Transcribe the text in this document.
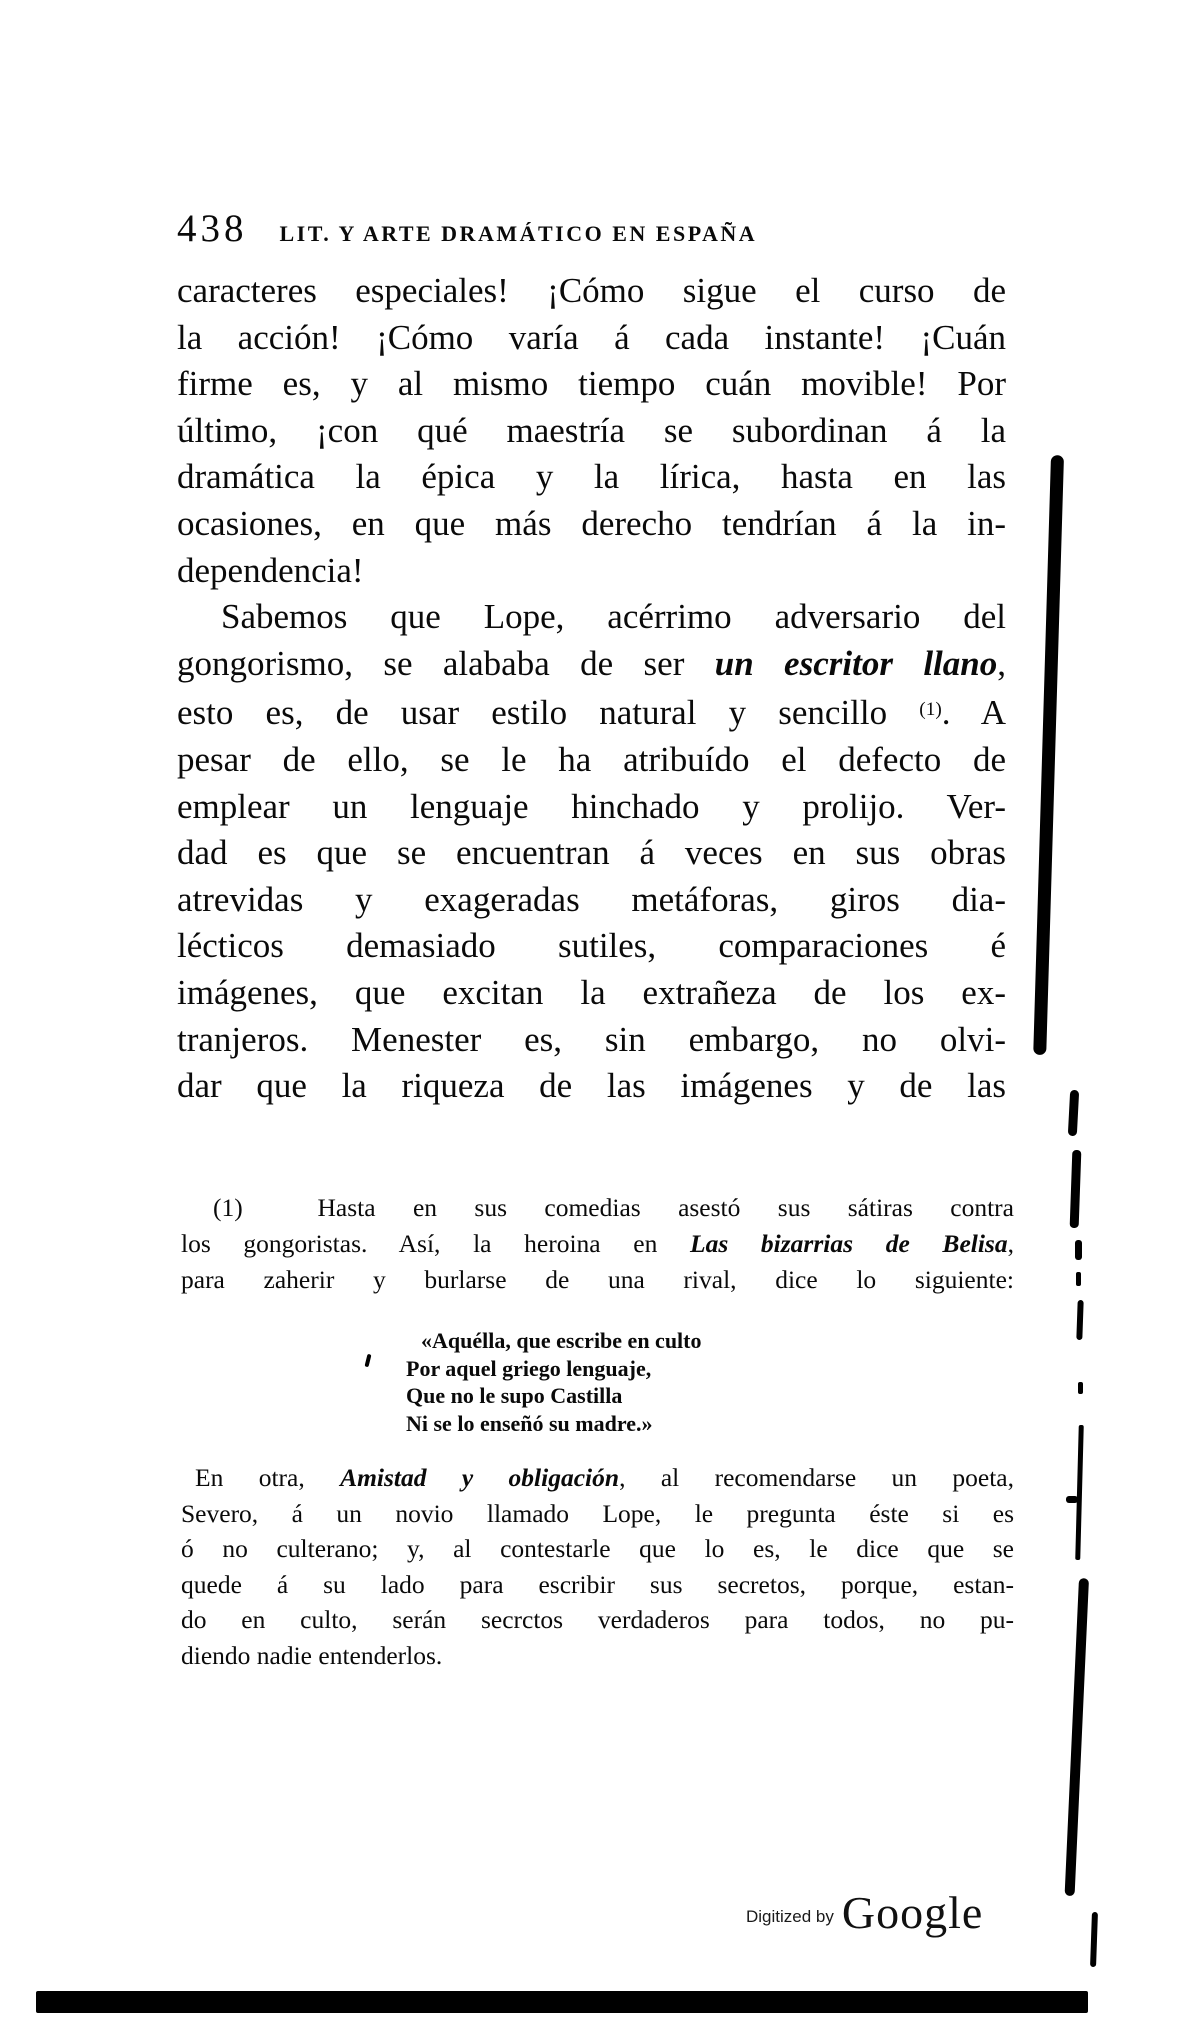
438 LIT. Y ARTE DRAMÁTICO EN ESPAÑA
caracteres especiales! ¡Cómo sigue el curso de
la acción! ¡Cómo varía á cada instante! ¡Cuán
firme es, y al mismo tiempo cuán movible! Por
último, ¡con qué maestría se subordinan á la
dramática la épica y la lírica, hasta en las
ocasiones, en que más derecho tendrían á la in-
dependencia!
Sabemos que Lope, acérrimo adversario del
gongorismo, se alababa de ser un escritor llano,
esto es, de usar estilo natural y sencillo $^{(1)}$. A
pesar de ello, se le ha atribuído el defecto de
emplear un lenguaje hinchado y prolijo. Ver-
dad es que se encuentran á veces en sus obras
atrevidas y exageradas metáforas, giros dia-
lécticos demasiado sutiles, comparaciones é
imágenes, que excitan la extrañeza de los ex-
tranjeros. Menester es, sin embargo, no olvi-
dar que la riqueza de las imágenes y de las
(1)  Hasta en sus comedias asestó sus sátiras contra
los gongoristas. Así, la heroina en Las bizarrias de Belisa,
para zaherir y burlarse de una rival, dice lo siguiente:
«Aquélla, que escribe en culto
Por aquel griego lenguaje,
Que no le supo Castilla
Ni se lo enseñó su madre.»
En otra, Amistad y obligación, al recomendarse un poeta,
Severo, á un novio llamado Lope, le pregunta éste si es
ó no culterano; y, al contestarle que lo es, le dice que se
quede á su lado para escribir sus secretos, porque, estan-
do en culto, serán secrctos verdaderos para todos, no pu-
diendo nadie entenderlos.
Digitized by Google
